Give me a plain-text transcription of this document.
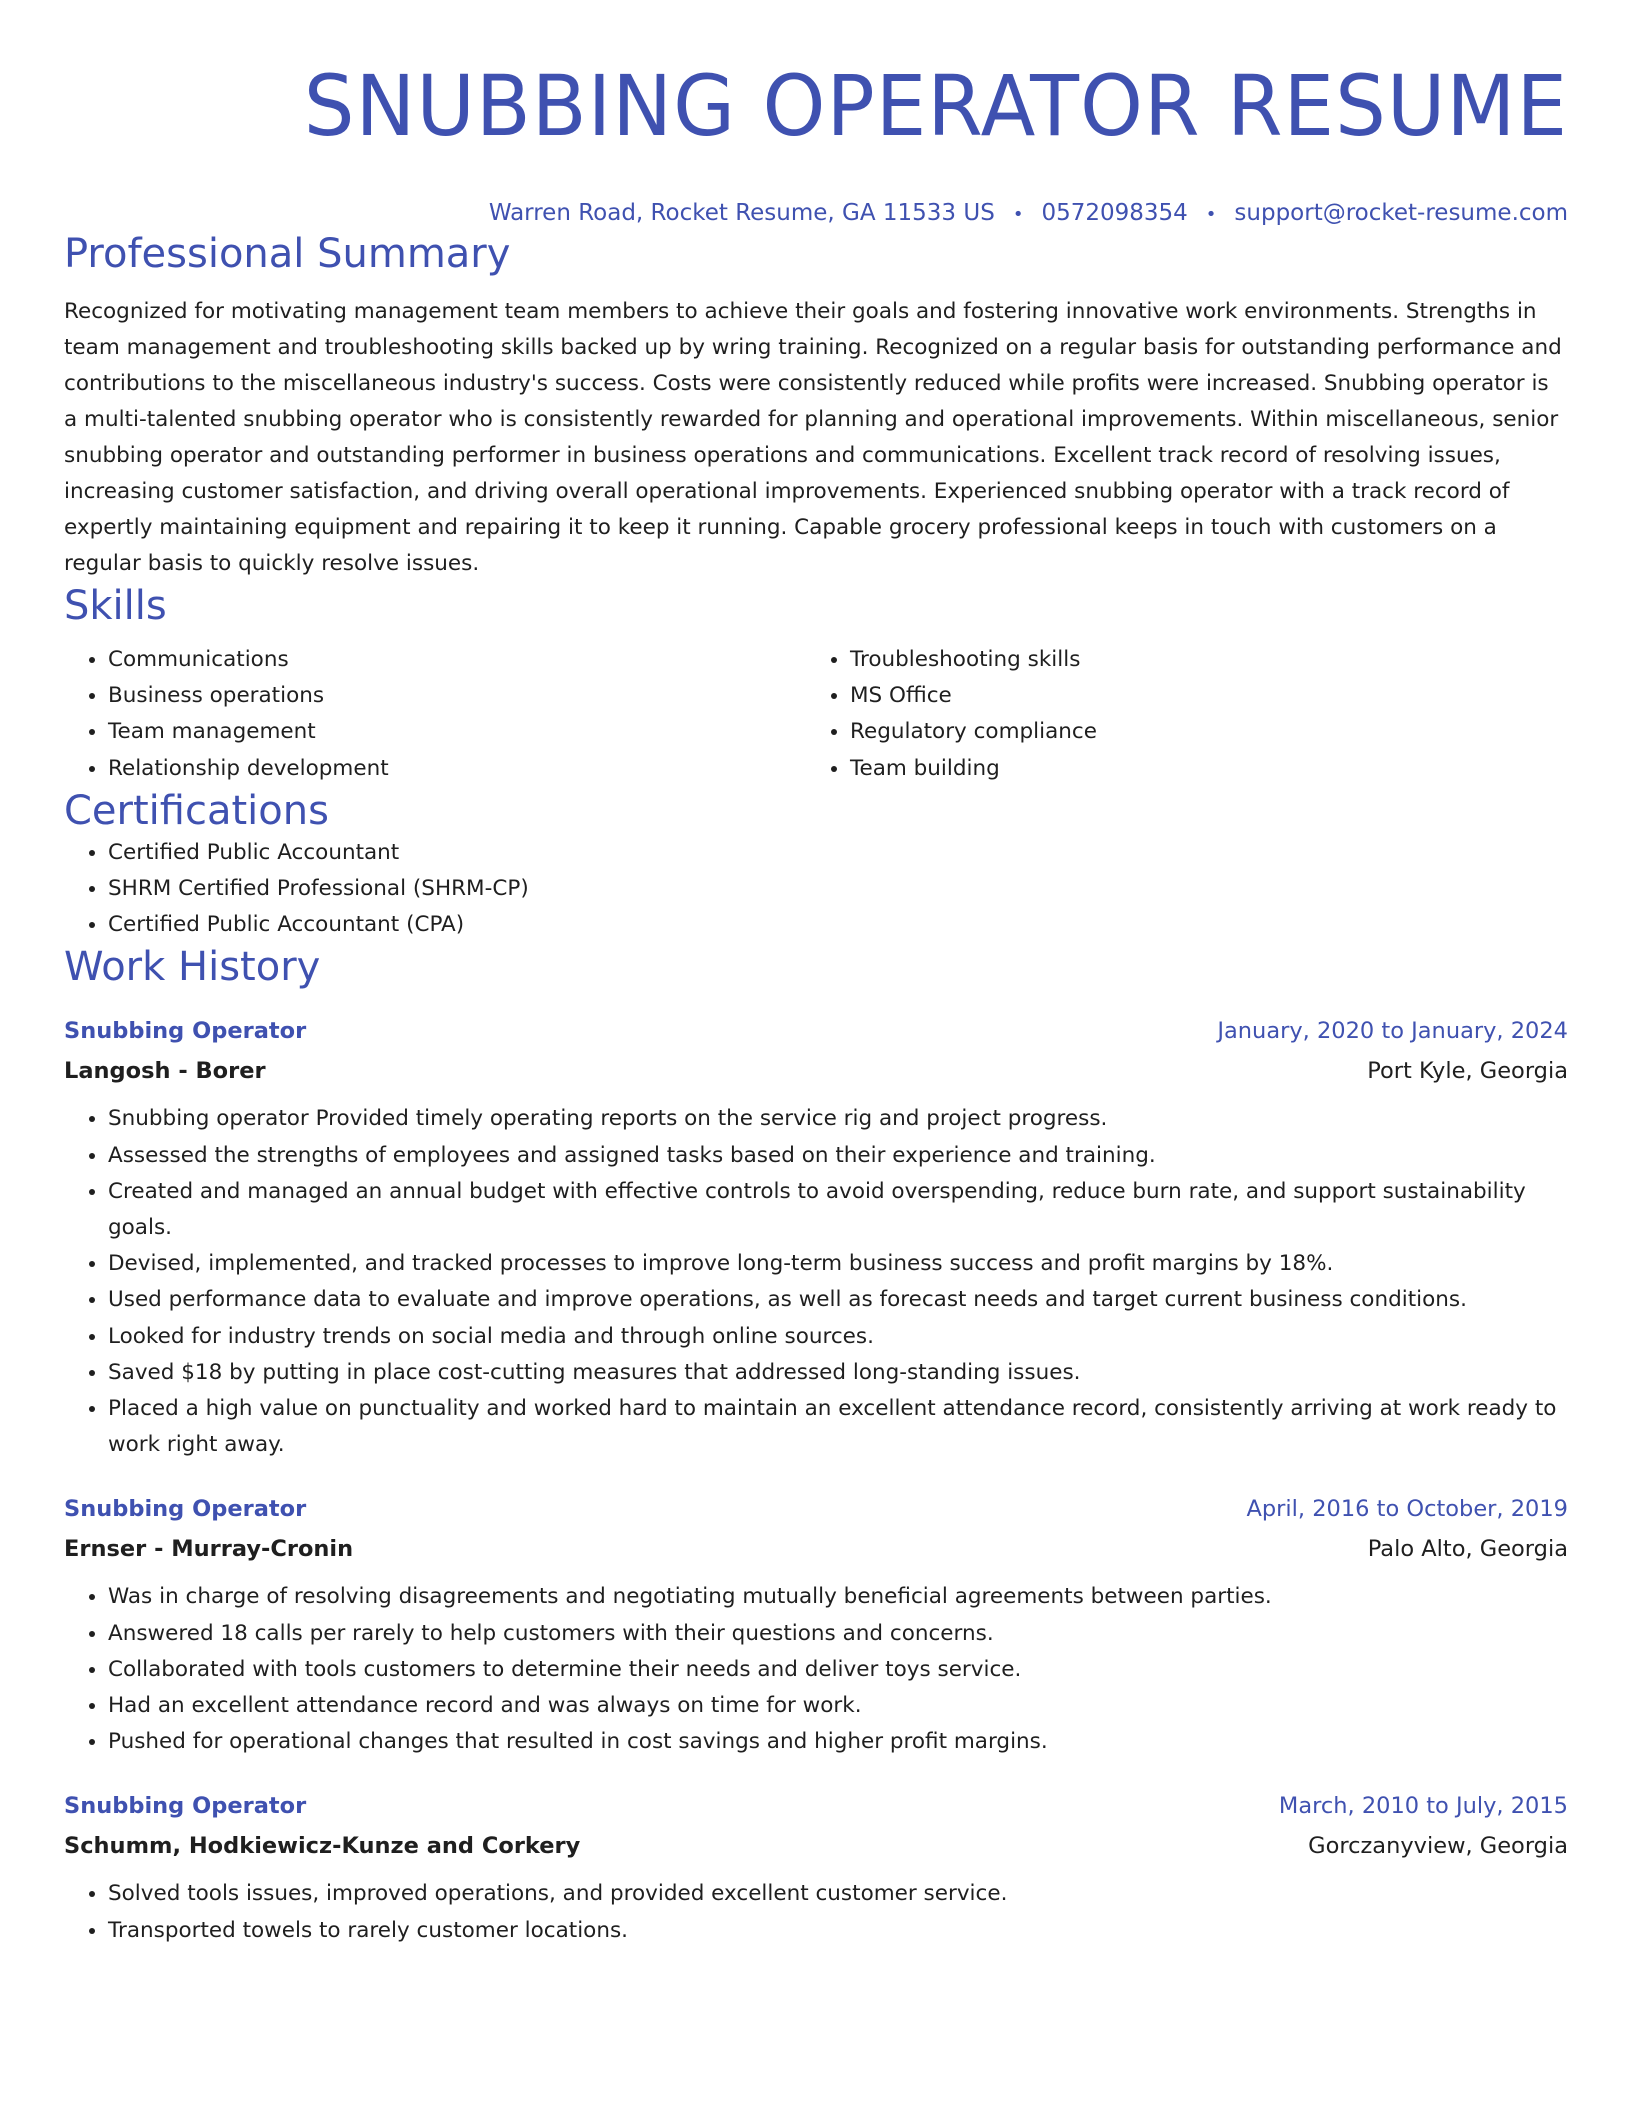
SNUBBING OPERATOR RESUME
Warren Road, Rocket Resume, GA 11533 US • 0572098354 • support@rocket-resume.com
Professional Summary
Recognized for motivating management team members to achieve their goals and fostering innovative work environments. Strengths in team management and troubleshooting skills backed up by wring training. Recognized on a regular basis for outstanding performance and contributions to the miscellaneous industry's success. Costs were consistently reduced while profits were increased. Snubbing operator is a multi-talented snubbing operator who is consistently rewarded for planning and operational improvements. Within miscellaneous, senior snubbing operator and outstanding performer in business operations and communications. Excellent track record of resolving issues, increasing customer satisfaction, and driving overall operational improvements. Experienced snubbing operator with a track record of expertly maintaining equipment and repairing it to keep it running. Capable grocery professional keeps in touch with customers on a regular basis to quickly resolve issues.
Skills
• Communications
• Business operations
• Team management
• Relationship development
• Troubleshooting skills
• MS Office
• Regulatory compliance
• Team building
Certifications
• Certified Public Accountant
• SHRM Certified Professional (SHRM-CP)
• Certified Public Accountant (CPA)
Work History
Snubbing Operator	January, 2020 to January, 2024
Langosh - Borer	Port Kyle, Georgia
• Snubbing operator Provided timely operating reports on the service rig and project progress.
• Assessed the strengths of employees and assigned tasks based on their experience and training.
• Created and managed an annual budget with effective controls to avoid overspending, reduce burn rate, and support sustainability goals.
• Devised, implemented, and tracked processes to improve long-term business success and profit margins by 18%.
• Used performance data to evaluate and improve operations, as well as forecast needs and target current business conditions.
• Looked for industry trends on social media and through online sources.
• Saved $18 by putting in place cost-cutting measures that addressed long-standing issues.
• Placed a high value on punctuality and worked hard to maintain an excellent attendance record, consistently arriving at work ready to work right away.
Snubbing Operator	April, 2016 to October, 2019
Ernser - Murray-Cronin	Palo Alto, Georgia
• Was in charge of resolving disagreements and negotiating mutually beneficial agreements between parties.
• Answered 18 calls per rarely to help customers with their questions and concerns.
• Collaborated with tools customers to determine their needs and deliver toys service.
• Had an excellent attendance record and was always on time for work.
• Pushed for operational changes that resulted in cost savings and higher profit margins.
Snubbing Operator	March, 2010 to July, 2015
Schumm, Hodkiewicz-Kunze and Corkery	Gorczanyview, Georgia
• Solved tools issues, improved operations, and provided excellent customer service.
• Transported towels to rarely customer locations.
